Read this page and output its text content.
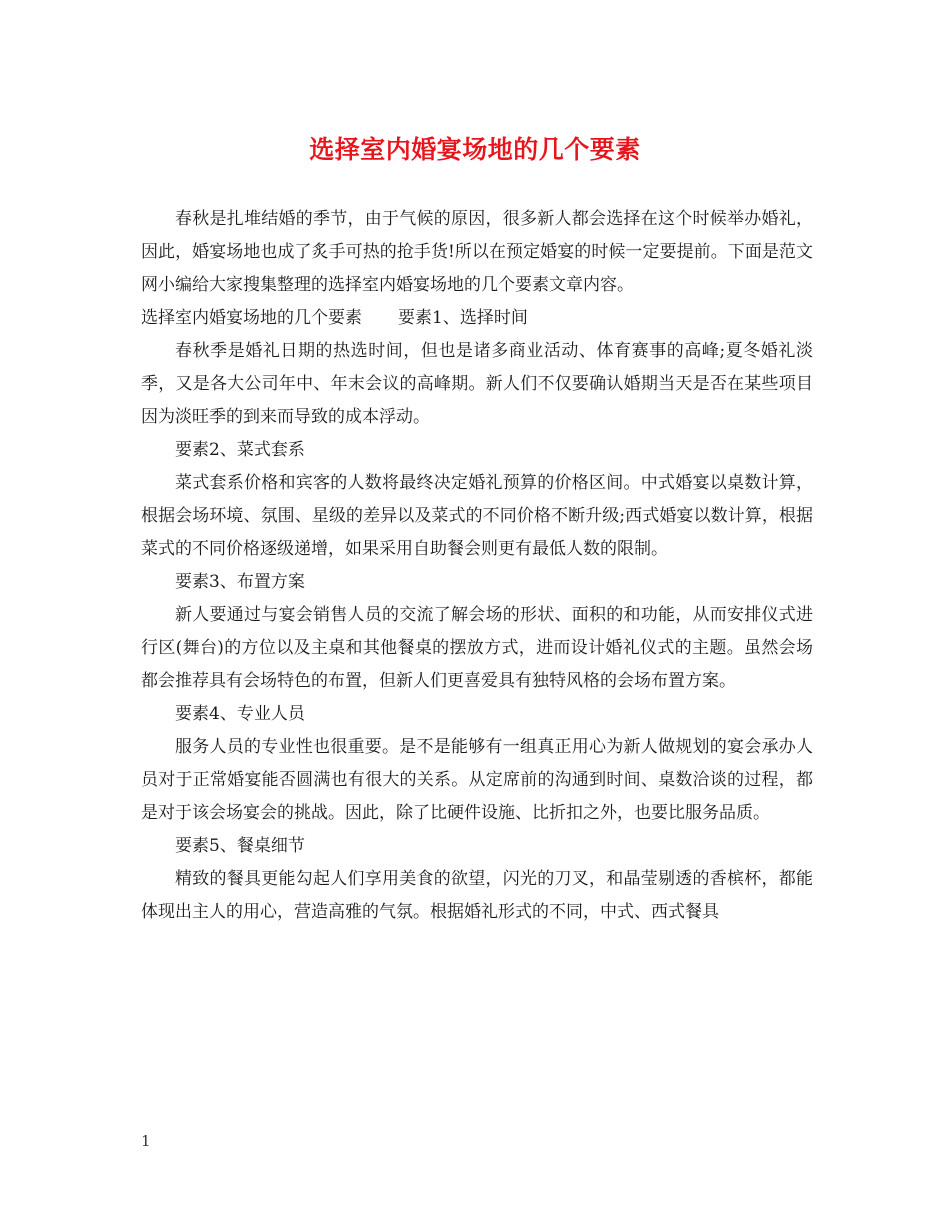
选择室内婚宴场地的几个要素

春秋是扎堆结婚的季节，由于气候的原因，很多新人都会选择在这个时候举办婚礼，因此，婚宴场地也成了炙手可热的抢手货!所以在预定婚宴的时候一定要提前。下面是范文网小编给大家搜集整理的选择室内婚宴场地的几个要素文章内容。

选择室内婚宴场地的几个要素 要素1、选择时间

春秋季是婚礼日期的热选时间，但也是诸多商业活动、体育赛事的高峰;夏冬婚礼淡季，又是各大公司年中、年末会议的高峰期。新人们不仅要确认婚期当天是否在某些项目因为淡旺季的到来而导致的成本浮动。

要素2、菜式套系

菜式套系价格和宾客的人数将最终决定婚礼预算的价格区间。中式婚宴以桌数计算，根据会场环境、氛围、星级的差异以及菜式的不同价格不断升级;西式婚宴以数计算，根据菜式的不同价格逐级递增，如果采用自助餐会则更有最低人数的限制。

要素3、布置方案

新人要通过与宴会销售人员的交流了解会场的形状、面积的和功能，从而安排仪式进行区(舞台)的方位以及主桌和其他餐桌的摆放方式，进而设计婚礼仪式的主题。虽然会场都会推荐具有会场特色的布置，但新人们更喜爱具有独特风格的会场布置方案。

要素4、专业人员

服务人员的专业性也很重要。是不是能够有一组真正用心为新人做规划的宴会承办人员对于正常婚宴能否圆满也有很大的关系。从定席前的沟通到时间、桌数洽谈的过程，都是对于该会场宴会的挑战。因此，除了比硬件设施、比折扣之外，也要比服务品质。

要素5、餐桌细节

精致的餐具更能勾起人们享用美食的欲望，闪光的刀叉，和晶莹剔透的香槟杯，都能体现出主人的用心，营造高雅的气氛。根据婚礼形式的不同，中式、西式餐具

1
